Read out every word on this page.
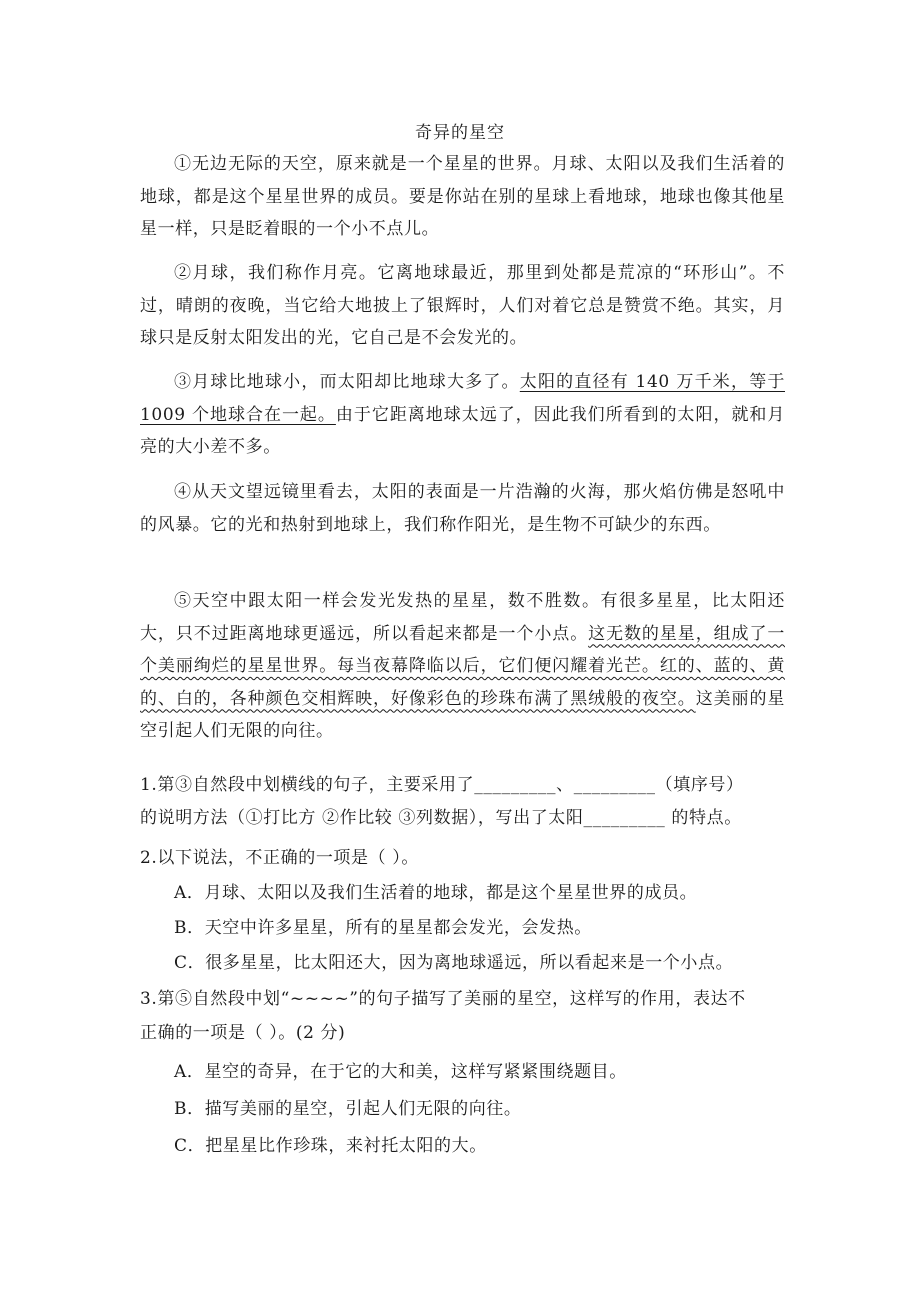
奇异的星空
①无边无际的天空，原来就是一个星星的世界。月球、太阳以及我们生活着的地球，都是这个星星世界的成员。要是你站在别的星球上看地球，地球也像其他星星一样，只是眨着眼的一个小不点儿。
②月球，我们称作月亮。它离地球最近，那里到处都是荒凉的“环形山”。不过，晴朗的夜晚，当它给大地披上了银辉时，人们对着它总是赞赏不绝。其实，月球只是反射太阳发出的光，它自己是不会发光的。
③月球比地球小，而太阳却比地球大多了。太阳的直径有 140 万千米，等于 1009 个地球合在一起。由于它距离地球太远了，因此我们所看到的太阳，就和月亮的大小差不多。
④从天文望远镜里看去，太阳的表面是一片浩瀚的火海，那火焰仿佛是怒吼中的风暴。它的光和热射到地球上，我们称作阳光，是生物不可缺少的东西。
⑤天空中跟太阳一样会发光发热的星星，数不胜数。有很多星星，比太阳还大，只不过距离地球更遥远，所以看起来都是一个小点。这无数的星星，组成了一个美丽绚烂的星星世界。每当夜幕降临以后，它们便闪耀着光芒。红的、蓝的、黄的、白的，各种颜色交相辉映，好像彩色的珍珠布满了黑绒般的夜空。这美丽的星空引起人们无限的向往。
1.第③自然段中划横线的句子，主要采用了_________、_________（填序号）
的说明方法（①打比方 ②作比较 ③列数据），写出了太阳_________ 的特点。
2.以下说法，不正确的一项是（ ）。
A．月球、太阳以及我们生活着的地球，都是这个星星世界的成员。
B．天空中许多星星，所有的星星都会发光，会发热。
C．很多星星，比太阳还大，因为离地球遥远，所以看起来是一个小点。
3.第⑤自然段中划“~~~~”的句子描写了美丽的星空，这样写的作用，表达不
正确的一项是（ ）。(2 分)
A．星空的奇异，在于它的大和美，这样写紧紧围绕题目。
B．描写美丽的星空，引起人们无限的向往。
C．把星星比作珍珠，来衬托太阳的大。
